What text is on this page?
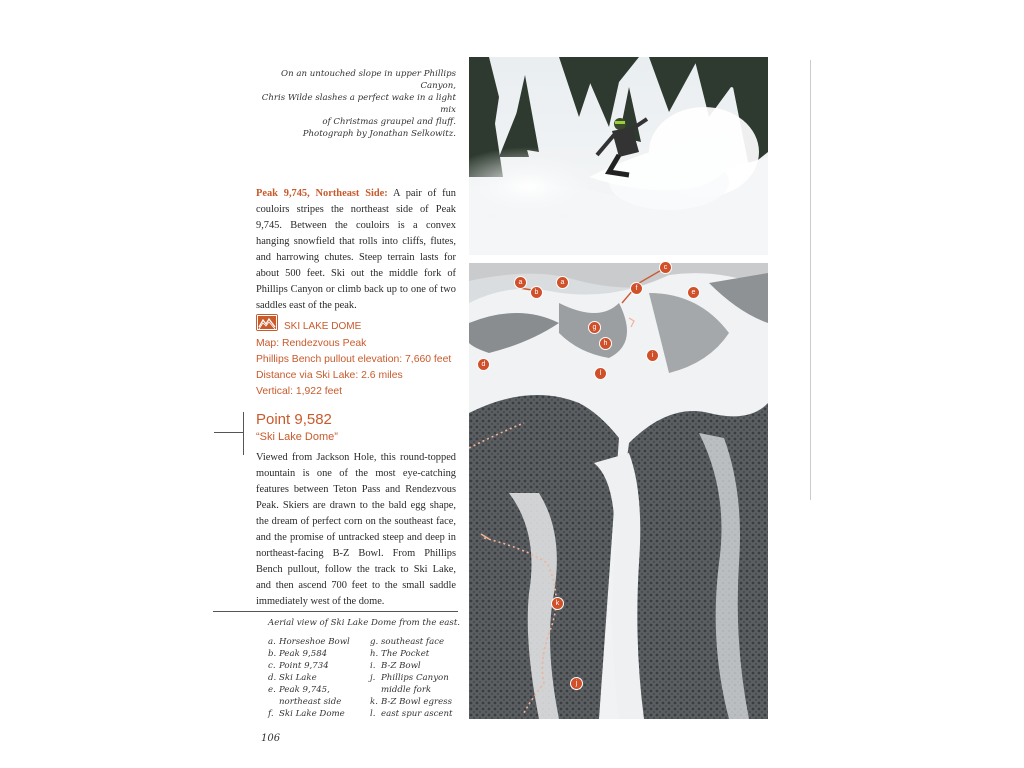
On an untouched slope in upper Phillips Canyon,
Chris Wilde slashes a perfect wake in a light mix
of Christmas graupel and fluff.
Photograph by Jonathan Selkowitz.
Peak 9,745, Northeast Side: A pair of fun couloirs stripes the northeast side of Peak 9,745. Between the couloirs is a convex hanging snowfield that rolls into cliffs, flutes, and harrowing chutes. Steep terrain lasts for about 500 feet. Ski out the middle fork of Phillips Canyon or climb back up to one of two saddles east of the peak.
SKI LAKE DOME
Map: Rendezvous Peak
Phillips Bench pullout elevation: 7,660 feet
Distance via Ski Lake: 2.6 miles
Vertical: 1,922 feet
Point 9,582
“Ski Lake Dome”
Viewed from Jackson Hole, this round-topped mountain is one of the most eye-catching features between Teton Pass and Rendezvous Peak. Skiers are drawn to the bald egg shape, the dream of perfect corn on the southeast face, and the promise of untracked steep and deep in northeast-facing B-Z Bowl. From Phillips Bench pullout, follow the track to Ski Lake, and then ascend 700 feet to the small saddle immediately west of the dome.
Aerial view of Ski Lake Dome from the east.
a. Horseshoe Bowl
b. Peak 9,584
c. Point 9,734
d. Ski Lake
e. Peak 9,745, northeast side
f. Ski Lake Dome
g. southeast face
h. The Pocket
i. B-Z Bowl
j. Phillips Canyon middle fork
k. B-Z Bowl egress
l. east spur ascent
106
a
b
c
d
e
f
g
h
i
j
k
l
a
